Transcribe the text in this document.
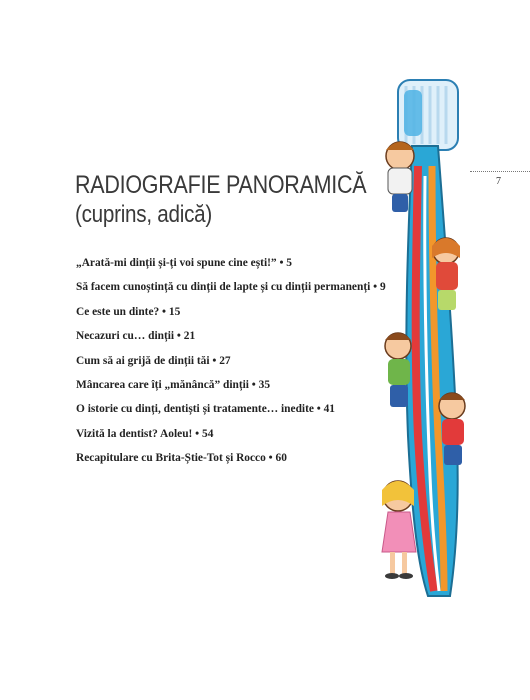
7
RADIOGRAFIE PANORAMICĂ
(cuprins, adică)
„Arată-mi dinții și-ți voi spune cine ești!” • 5
Să facem cunoștință cu dinții de lapte și cu dinții permanenți • 9
Ce este un dinte? • 15
Necazuri cu… dinții • 21
Cum să ai grijă de dinții tăi • 27
Mâncarea care îți „mănâncă” dinții • 35
O istorie cu dinți, dentiști și tratamente… inedite • 41
Vizită la dentist? Aoleu! • 54
Recapitulare cu Brita-Știe-Tot și Rocco • 60
